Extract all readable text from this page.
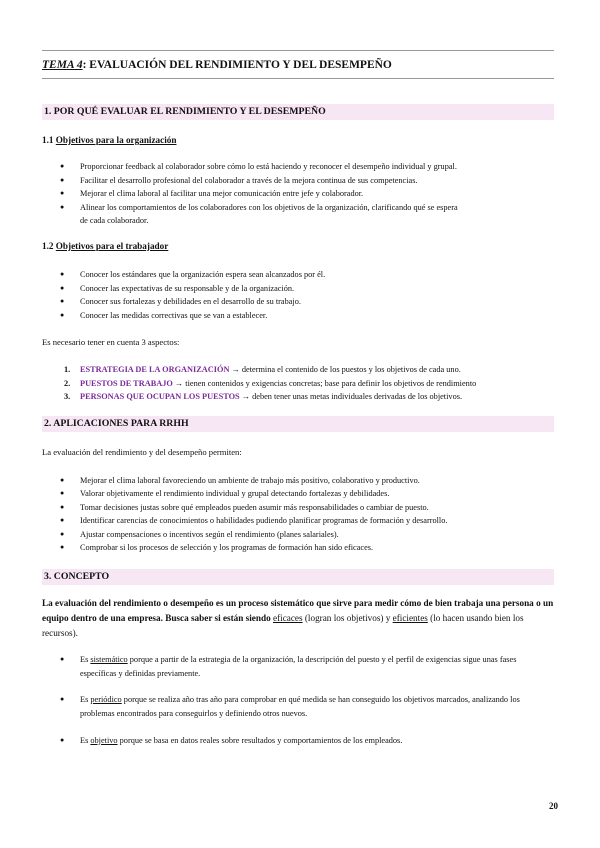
TEMA 4: EVALUACIÓN DEL RENDIMIENTO Y DEL DESEMPEÑO
1. POR QUÉ EVALUAR EL RENDIMIENTO Y EL DESEMPEÑO
1.1 Objetivos para la organización
● Proporcionar feedback al colaborador sobre cómo lo está haciendo y reconocer el desempeño individual y grupal.
● Facilitar el desarrollo profesional del colaborador a través de la mejora continua de sus competencias.
● Mejorar el clima laboral al facilitar una mejor comunicación entre jefe y colaborador.
● Alinear los comportamientos de los colaboradores con los objetivos de la organización, clarificando qué se espera
de cada colaborador.
1.2 Objetivos para el trabajador
● Conocer los estándares que la organización espera sean alcanzados por él.
● Conocer las expectativas de su responsable y de la organización.
● Conocer sus fortalezas y debilidades en el desarrollo de su trabajo.
● Conocer las medidas correctivas que se van a establecer.
Es necesario tener en cuenta 3 aspectos:
1. ESTRATEGIA DE LA ORGANIZACIÓN → determina el contenido de los puestos y los objetivos de cada uno.
2. PUESTOS DE TRABAJO → tienen contenidos y exigencias concretas; base para definir los objetivos de rendimiento
3. PERSONAS QUE OCUPAN LOS PUESTOS → deben tener unas metas individuales derivadas de los objetivos.
2. APLICACIONES PARA RRHH
La evaluación del rendimiento y del desempeño permiten:
● Mejorar el clima laboral favoreciendo un ambiente de trabajo más positivo, colaborativo y productivo.
● Valorar objetivamente el rendimiento individual y grupal detectando fortalezas y debilidades.
● Tomar decisiones justas sobre qué empleados pueden asumir más responsabilidades o cambiar de puesto.
● Identificar carencias de conocimientos o habilidades pudiendo planificar programas de formación y desarrollo.
● Ajustar compensaciones o incentivos según el rendimiento (planes salariales).
● Comprobar si los procesos de selección y los programas de formación han sido eficaces.
3. CONCEPTO
La evaluación del rendimiento o desempeño es un proceso sistemático que sirve para medir cómo de bien trabaja una persona o un equipo dentro de una empresa. Busca saber si están siendo eficaces (logran los objetivos) y eficientes (lo hacen usando bien los recursos).
● Es sistemático porque a partir de la estrategia de la organización, la descripción del puesto y el perfil de exigencias sigue unas fases específicas y definidas previamente.
● Es periódico porque se realiza año tras año para comprobar en qué medida se han conseguido los objetivos marcados, analizando los problemas encontrados para conseguirlos y definiendo otros nuevos.
● Es objetivo porque se basa en datos reales sobre resultados y comportamientos de los empleados.
20
